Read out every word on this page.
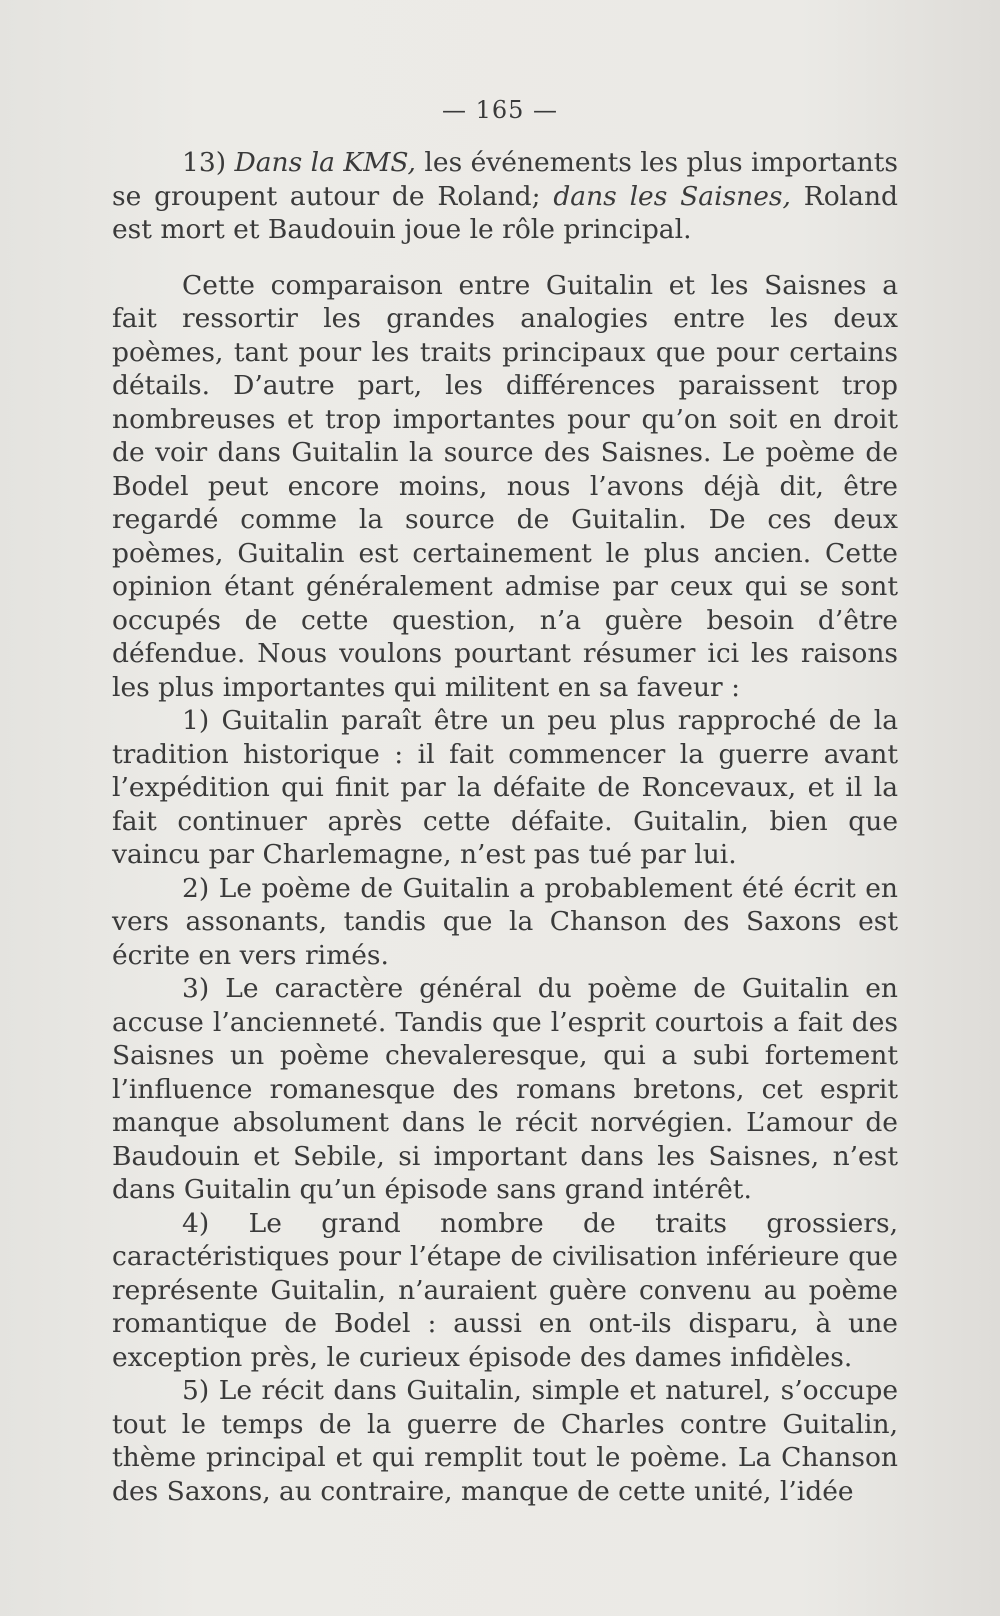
— 165 —

13) Dans la KMS, les événements les plus importants se groupent autour de Roland; dans les Saisnes, Roland est mort et Baudouin joue le rôle principal.

Cette comparaison entre Guitalin et les Saisnes a fait ressortir les grandes analogies entre les deux poèmes, tant pour les traits principaux que pour certains détails. D’autre part, les différences paraissent trop nombreuses et trop importantes pour qu’on soit en droit de voir dans Guitalin la source des Saisnes. Le poème de Bodel peut encore moins, nous l’avons déjà dit, être regardé comme la source de Guitalin. De ces deux poèmes, Guitalin est certainement le plus ancien. Cette opinion étant généralement admise par ceux qui se sont occupés de cette question, n’a guère besoin d’être défendue. Nous voulons pourtant résumer ici les raisons les plus importantes qui militent en sa faveur :

1) Guitalin paraît être un peu plus rapproché de la tradition historique : il fait commencer la guerre avant l’expédition qui finit par la défaite de Roncevaux, et il la fait continuer après cette défaite. Guitalin, bien que vaincu par Charlemagne, n’est pas tué par lui.

2) Le poème de Guitalin a probablement été écrit en vers assonants, tandis que la Chanson des Saxons est écrite en vers rimés.

3) Le caractère général du poème de Guitalin en accuse l’ancienneté. Tandis que l’esprit courtois a fait des Saisnes un poème chevaleresque, qui a subi fortement l’influence romanesque des romans bretons, cet esprit manque absolument dans le récit norvégien. L’amour de Baudouin et Sebile, si important dans les Saisnes, n’est dans Guitalin qu’un épisode sans grand intérêt.

4) Le grand nombre de traits grossiers, caractéristiques pour l’étape de civilisation inférieure que représente Guitalin, n’auraient guère convenu au poème romantique de Bodel : aussi en ont-ils disparu, à une exception près, le curieux épisode des dames infidèles.

5) Le récit dans Guitalin, simple et naturel, s’occupe tout le temps de la guerre de Charles contre Guitalin, thème principal et qui remplit tout le poème. La Chanson des Saxons, au contraire, manque de cette unité, l’idée
